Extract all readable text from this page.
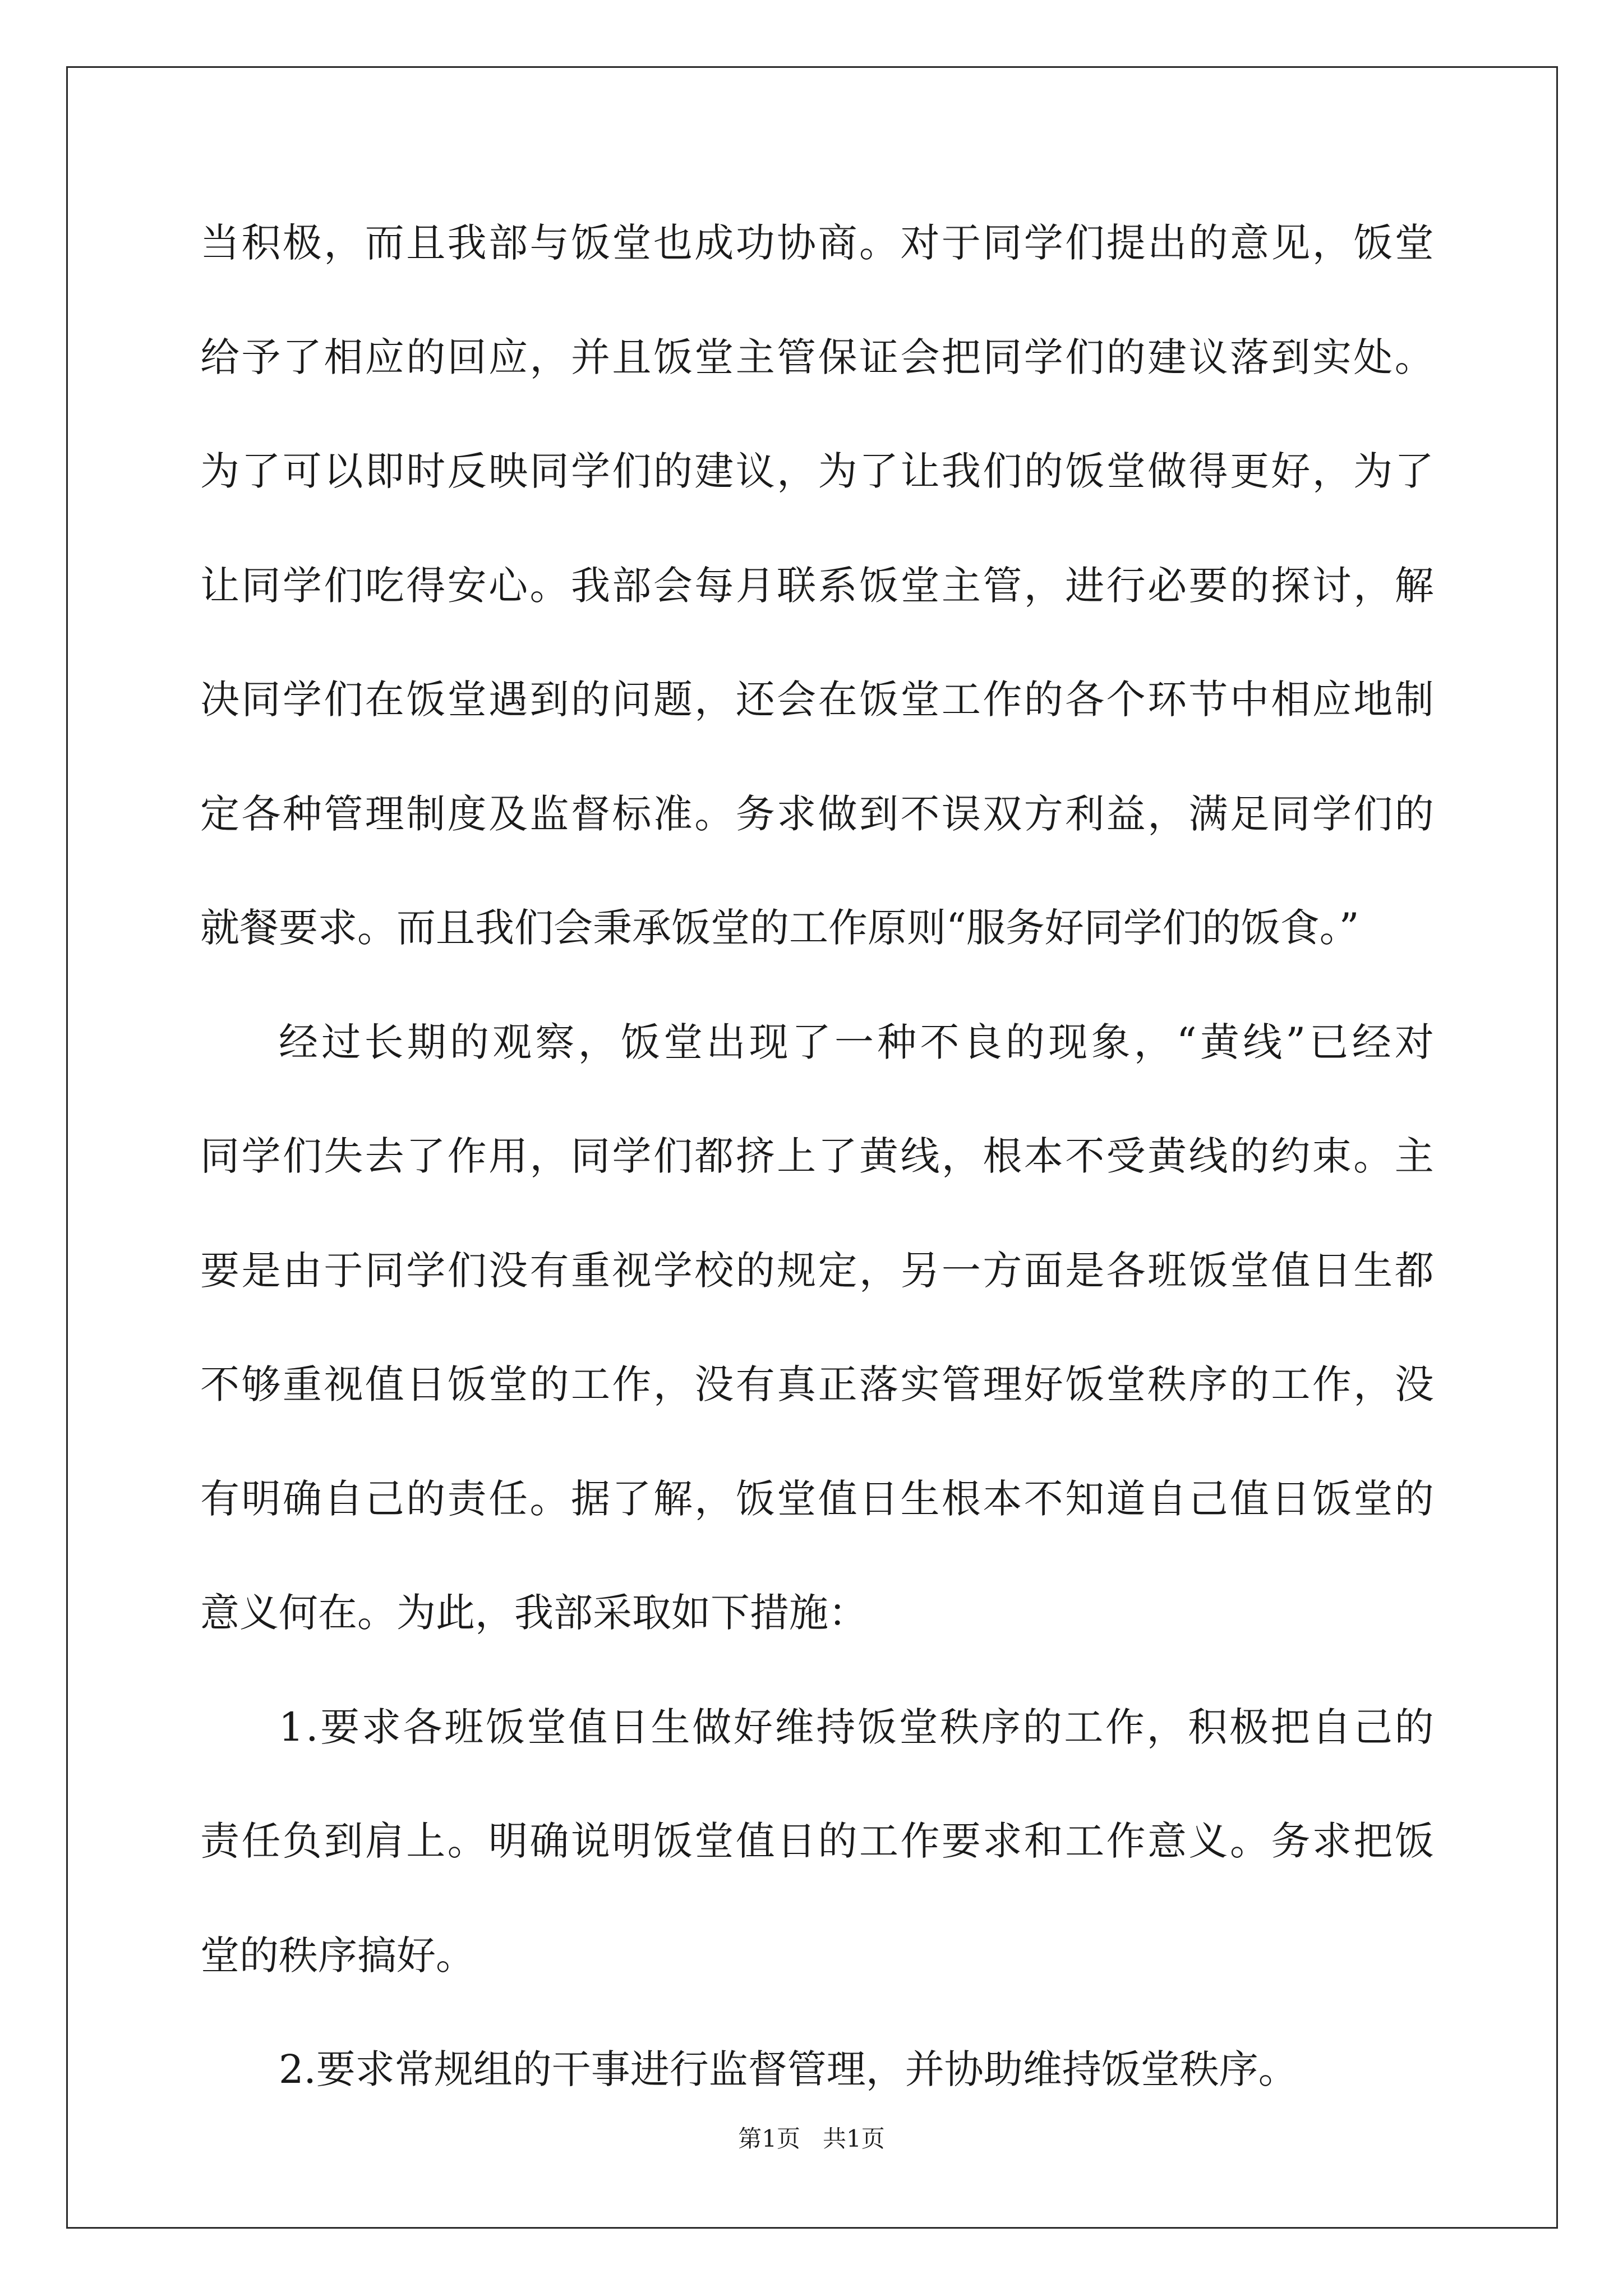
当 积 极 ， 而 且 我 部 与 饭 堂 也 成 功 协 商 。 对 于 同 学 们 提 出 的 意 见 ， 饭 堂
给 予 了 相 应 的 回 应 ， 并 且 饭 堂 主 管 保 证 会 把 同 学 们 的 建 议 落 到 实 处 。
为 了 可 以 即 时 反 映 同 学 们 的 建 议 ， 为 了 让 我 们 的 饭 堂 做 得 更 好 ， 为 了
让 同 学 们 吃 得 安 心 。 我 部 会 每 月 联 系 饭 堂 主 管 ， 进 行 必 要 的 探 讨 ， 解
决 同 学 们 在 饭 堂 遇 到 的 问 题 ， 还 会 在 饭 堂 工 作 的 各 个 环 节 中 相 应 地 制
定 各 种 管 理 制 度 及 监 督 标 准 。 务 求 做 到 不 误 双 方 利 益 ， 满 足 同 学 们 的
就餐要求。而且我们会秉承饭堂的工作原则“服务好同学们的饭食。”
经 过 长 期 的 观 察 ， 饭 堂 出 现 了 一 种 不 良 的 现 象 ， “ 黄 线 ” 已 经 对
同 学 们 失 去 了 作 用 ， 同 学 们 都 挤 上 了 黄 线 ， 根 本 不 受 黄 线 的 约 束 。 主
要 是 由 于 同 学 们 没 有 重 视 学 校 的 规 定 ， 另 一 方 面 是 各 班 饭 堂 值 日 生 都
不 够 重 视 值 日 饭 堂 的 工 作 ， 没 有 真 正 落 实 管 理 好 饭 堂 秩 序 的 工 作 ， 没
有 明 确 自 己 的 责 任 。 据 了 解 ， 饭 堂 值 日 生 根 本 不 知 道 自 己 值 日 饭 堂 的
意义何在。为此，我部采取如下措施：
1 . 要 求 各 班 饭 堂 值 日 生 做 好 维 持 饭 堂 秩 序 的 工 作 ， 积 极 把 自 己 的
责 任 负 到 肩 上 。 明 确 说 明 饭 堂 值 日 的 工 作 要 求 和 工 作 意 义 。 务 求 把 饭
堂的秩序搞好。
2.要求常规组的干事进行监督管理，并协助维持饭堂秩序。
第1页   共1页
